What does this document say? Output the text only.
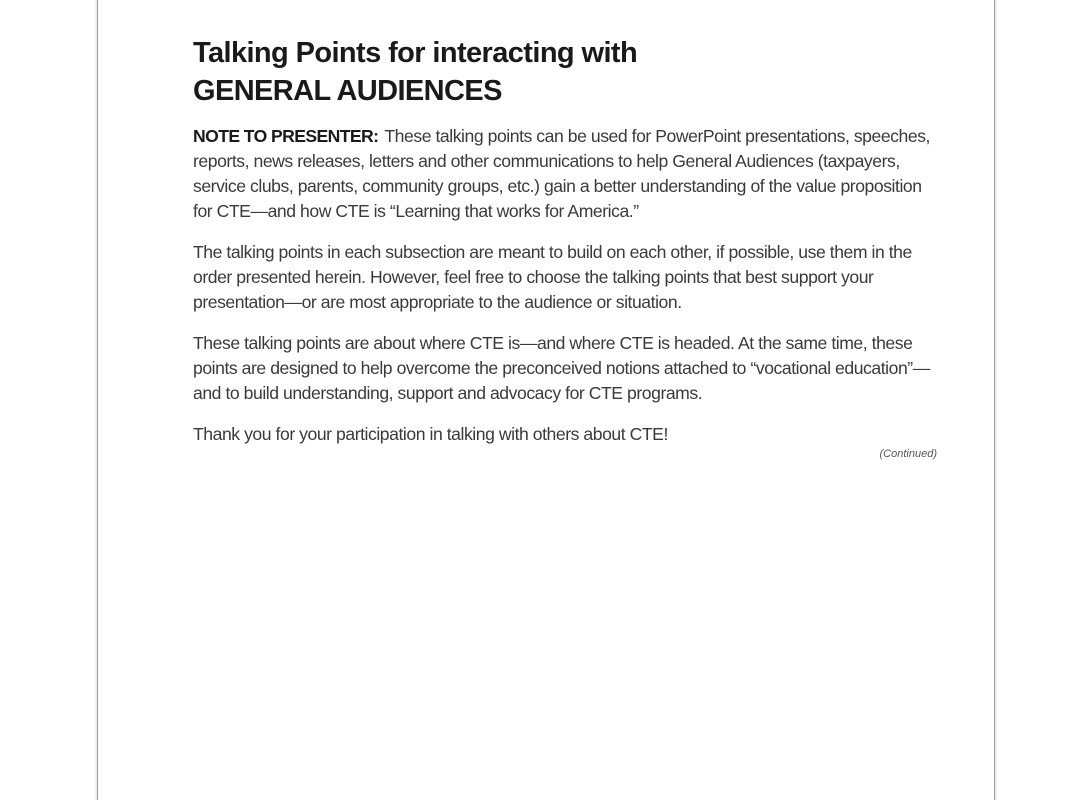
Talking Points for interacting with
GENERAL AUDIENCES

NOTE TO PRESENTER: These talking points can be used for PowerPoint presentations, speeches, reports, news releases, letters and other communications to help General Audiences (taxpayers, service clubs, parents, community groups, etc.) gain a better understanding of the value proposition for CTE—and how CTE is “Learning that works for America.”

The talking points in each subsection are meant to build on each other, if possible, use them in the order presented herein. However, feel free to choose the talking points that best support your presentation—or are most appropriate to the audience or situation.

These talking points are about where CTE is—and where CTE is headed. At the same time, these points are designed to help overcome the preconceived notions attached to “vocational education”—and to build understanding, support and advocacy for CTE programs.

Thank you for your participation in talking with others about CTE!

(Continued)
